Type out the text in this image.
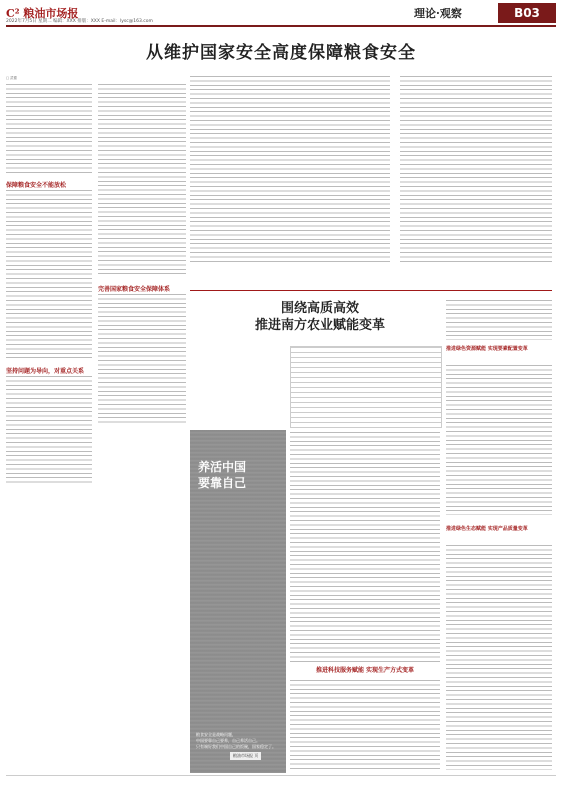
C² 粮油市场报
2022年7月5日 星期二 编辑：XXX 排版：XXX E-mail：lysc@163.com
理论·观察	B03
从维护国家安全高度保障粮食安全
□ 武德
保障粮食安全不能放松
坚持问题为导向，对重点关系
完善国家粮食安全保障体系
围绕高质高效
推进南方农业赋能变革
养活中国
要靠自己
粮食安全是战略问题，
中国要靠自己要养，自己养活自己。
只有端好我们中国自己的饭碗，国家稳定了。
推进科技服务赋能 实现生产方式变革
推进绿色资源赋能 实现要素配置变革
推进绿色生态赋能 实现产品质量变革
粮油市场报 页
